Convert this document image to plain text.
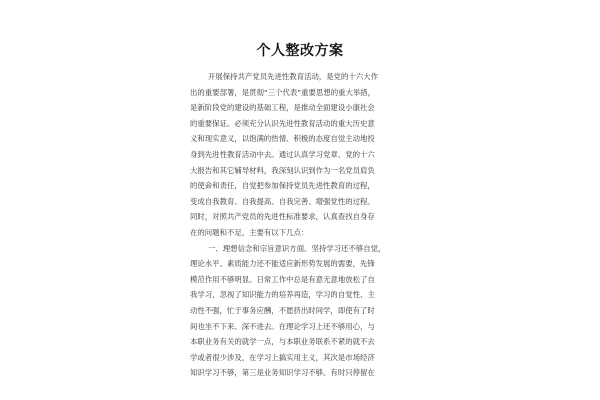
个人整改方案

开展保持共产党员先进性教育活动，是党的十六大作

出的重要部署，是贯彻“三个代表”重要思想的重大举措，

是新阶段党的建设的基础工程，是推动全面建设小康社会

的重要保证。必须充分认识先进性教育活动的重大历史意

义和现实意义，以饱满的热情、积极的态度自觉主动地投

身到先进性教育活动中去。通过认真学习党章、党的十六

大报告和其它辅导材料，我深刻认识到作为一名党员肩负

的使命和责任，自觉把参加保持党员先进性教育的过程，

变成自我教育、自我提高、自我完善、增强党性的过程。

同时，对照共产党员的先进性标准要求，认真查找自身存

在的问题和不足，主要有以下几点：

一、理想信念和宗旨意识方面。坚持学习还不够自觉，

理论水平、素质能力还不能适应新形势发展的需要，先锋

模范作用不够明显。日常工作中总是有意无意地放松了自

我学习，忽视了知识能力的培养再造，学习的自觉性、主

动性不强，忙于事务应酬，不愿挤出时间学，即使有了时

间也坐不下来、深不进去。在理论学习上还不够用心，与

本职业务有关的就学一点，与本职业务联系不紧的就不去

学或者很少涉及，在学习上搞实用主义，其次是市场经济

知识学习不够，第三是业务知识学习不够。有时只停留在
